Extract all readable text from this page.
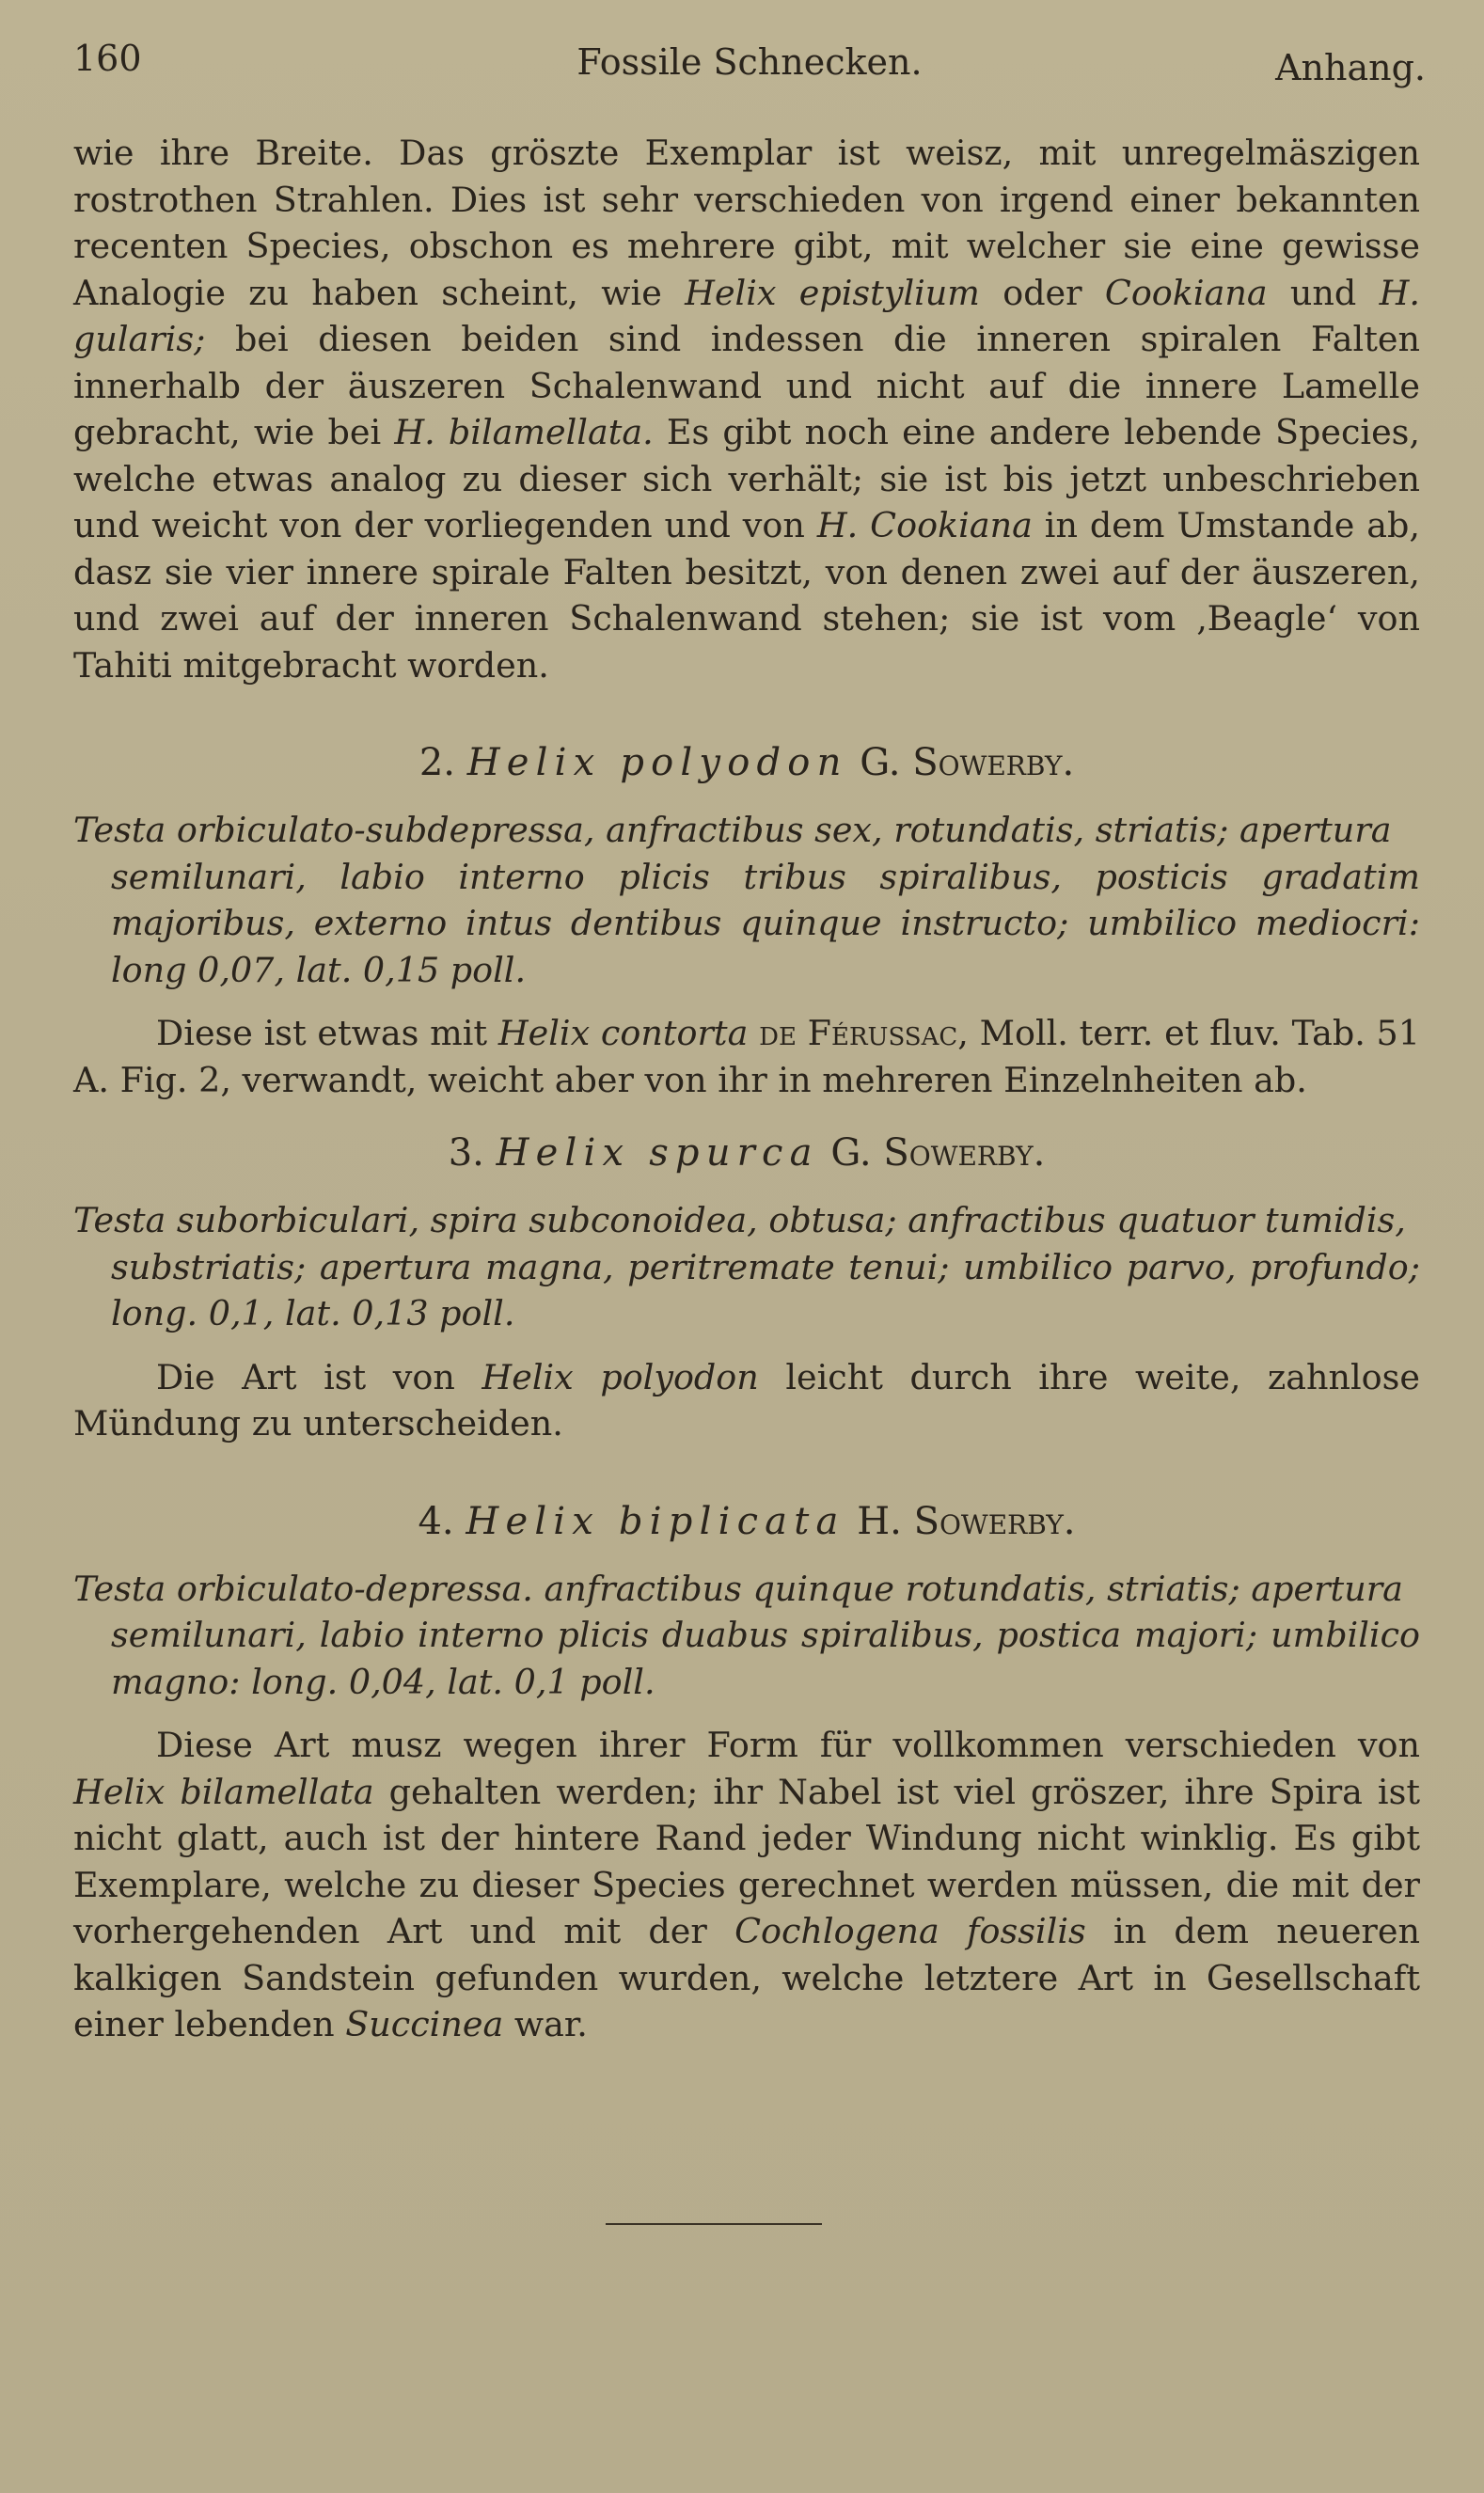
160	Fossile Schnecken.	Anhang.

wie ihre Breite. Das gröszte Exemplar ist weisz, mit unregelmäszigen rostrothen Strahlen. Dies ist sehr verschieden von irgend einer bekannten recenten Species, obschon es mehrere gibt, mit welcher sie eine gewisse Analogie zu haben scheint, wie Helix epistylium oder Cookiana und H. gularis; bei diesen beiden sind indessen die inneren spiralen Falten innerhalb der äuszeren Schalenwand und nicht auf die innere Lamelle gebracht, wie bei H. bilamellata. Es gibt noch eine andere lebende Species, welche etwas analog zu dieser sich verhält; sie ist bis jetzt unbeschrieben und weicht von der vorliegenden und von H. Cookiana in dem Umstande ab, dasz sie vier innere spirale Falten besitzt, von denen zwei auf der äuszeren, und zwei auf der inneren Schalenwand stehen; sie ist vom ‚Beagle‘ von Tahiti mitgebracht worden.

2. Helix polyodon G. Sowerby.
Testa orbiculato-subdepressa, anfractibus sex, rotundatis, striatis; apertura
semilunari, labio interno plicis tribus spiralibus, posticis gradatim majoribus, externo intus dentibus quinque instructo; umbilico mediocri: long 0,07, lat. 0,15 poll.

Diese ist etwas mit Helix contorta de Férussac, Moll. terr. et fluv. Tab. 51 A. Fig. 2, verwandt, weicht aber von ihr in mehreren Einzelnheiten ab.

3. Helix spurca G. Sowerby.
Testa suborbiculari, spira subconoidea, obtusa; anfractibus quatuor tumidis,
substriatis; apertura magna, peritremate tenui; umbilico parvo, profundo; long. 0,1, lat. 0,13 poll.

Die Art ist von Helix polyodon leicht durch ihre weite, zahnlose Mündung zu unterscheiden.

4. Helix biplicata H. Sowerby.
Testa orbiculato-depressa. anfractibus quinque rotundatis, striatis; apertura
semilunari, labio interno plicis duabus spiralibus, postica majori; umbilico magno: long. 0,04, lat. 0,1 poll.

Diese Art musz wegen ihrer Form für vollkommen verschieden von Helix bilamellata gehalten werden; ihr Nabel ist viel gröszer, ihre Spira ist nicht glatt, auch ist der hintere Rand jeder Windung nicht winklig. Es gibt Exemplare, welche zu dieser Species gerechnet werden müssen, die mit der vorhergehenden Art und mit der Cochlogena fossilis in dem neueren kalkigen Sandstein gefunden wurden, welche letztere Art in Gesellschaft einer lebenden Succinea war.
